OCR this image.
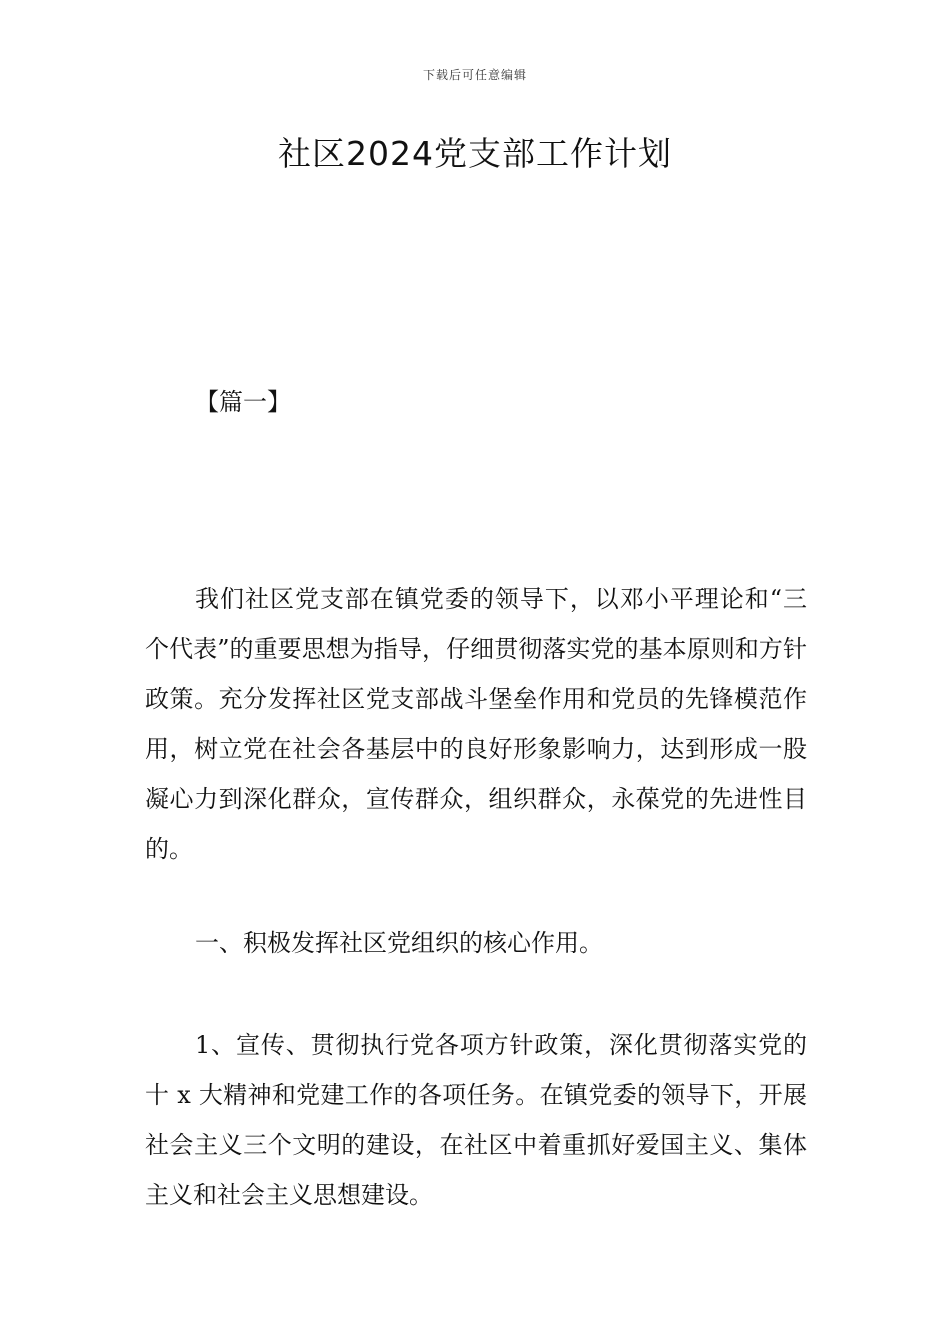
下载后可任意编辑
社区2024党支部工作计划

【篇一】

我们社区党支部在镇党委的领导下，以邓小平理论和“三个代表”的重要思想为指导，仔细贯彻落实党的基本原则和方针政策。充分发挥社区党支部战斗堡垒作用和党员的先锋模范作用，树立党在社会各基层中的良好形象影响力，达到形成一股凝心力到深化群众，宣传群众，组织群众，永葆党的先进性目的。

一、积极发挥社区党组织的核心作用。

1、宣传、贯彻执行党各项方针政策，深化贯彻落实党的十 x 大精神和党建工作的各项任务。在镇党委的领导下，开展社会主义三个文明的建设，在社区中着重抓好爱国主义、集体主义和社会主义思想建设。
